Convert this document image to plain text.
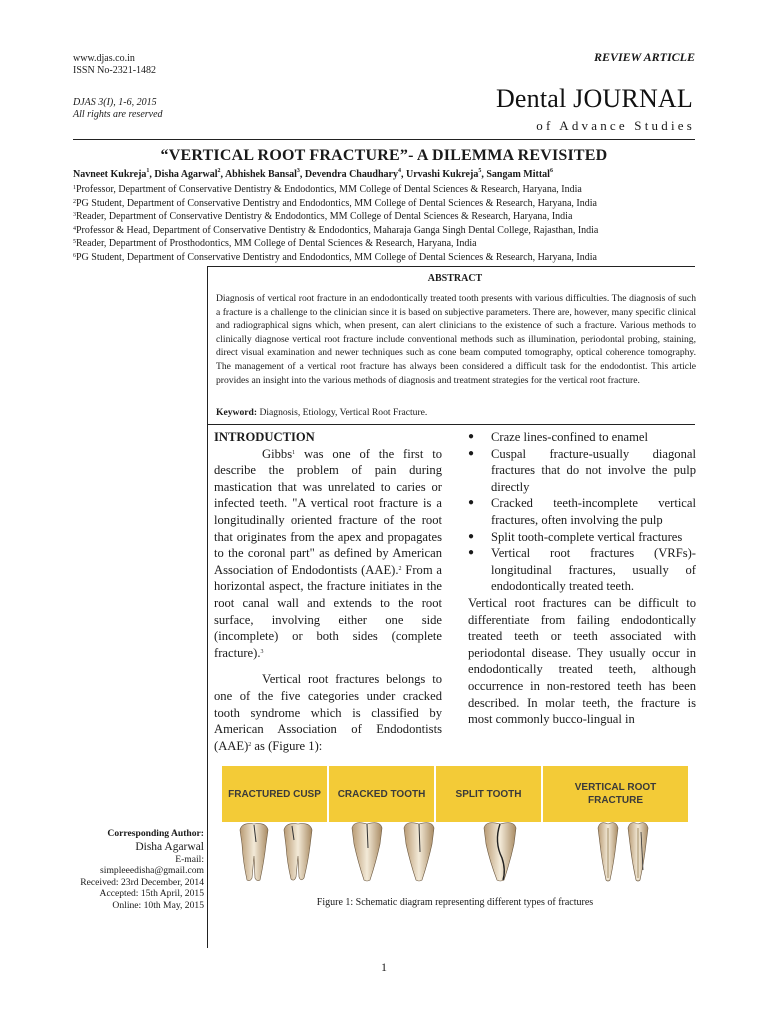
www.djas.co.in
ISSN No-2321-1482
DJAS 3(I), 1-6, 2015
All rights are reserved
REVIEW ARTICLE
Dental JOURNAL
of Advance Studies
“VERTICAL ROOT FRACTURE”- A DILEMMA REVISITED
Navneet Kukreja$^1$, Disha Agarwal$^2$, Abhishek Bansal$^3$, Devendra Chaudhary$^4$, Urvashi Kukreja$^5$, Sangam Mittal$^6$
$^1$Professor, Department of Conservative Dentistry & Endodontics, MM College of Dental Sciences & Research, Haryana, India
$^2$PG Student, Department of Conservative Dentistry and Endodontics, MM College of Dental Sciences & Research, Haryana, India
$^3$Reader, Department of Conservative Dentistry & Endodontics, MM College of Dental Sciences & Research, Haryana, India
$^4$Professor & Head, Department of Conservative Dentistry & Endodontics, Maharaja Ganga Singh Dental College, Rajasthan, India
$^5$Reader, Department of Prosthodontics, MM College of Dental Sciences & Research, Haryana, India
$^6$PG Student, Department of Conservative Dentistry and Endodontics, MM College of Dental Sciences & Research, Haryana, India
ABSTRACT
Diagnosis of vertical root fracture in an endodontically treated tooth presents with various difficulties. The diagnosis of such a fracture is a challenge to the clinician since it is based on subjective parameters. There are, however, many specific clinical and radiographical signs which, when present, can alert clinicians to the existence of such a fracture. Various methods to clinically diagnose vertical root fracture include conventional methods such as illumination, periodontal probing, staining, direct visual examination and newer techniques such as cone beam computed tomography, optical coherence tomography. The management of a vertical root fracture has always been considered a difficult task for the endodontist. This article provides an insight into the various methods of diagnosis and treatment strategies for the vertical root fracture.
Keyword: Diagnosis, Etiology, Vertical Root Fracture.
INTRODUCTION

Gibbs$^1$ was one of the first to describe the problem of pain during mastication that was unrelated to caries or infected teeth. "A vertical root fracture is a longitudinally oriented fracture of the root that originates from the apex and propagates to the coronal part" as defined by American Association of Endodontists (AAE).$^2$ From a horizontal aspect, the fracture initiates in the root canal wall and extends to the root surface, involving either one side (incomplete) or both sides (complete fracture).$^3$

Vertical root fractures belongs to one of the five categories under cracked tooth syndrome which is classified by American Association of Endodontists (AAE)$^2$ as (Figure 1):

● Craze lines-confined to enamel
● Cuspal fracture-usually diagonal fractures that do not involve the pulp directly
● Cracked teeth-incomplete vertical fractures, often involving the pulp
● Split tooth-complete vertical fractures
● Vertical root fractures (VRFs)-longitudinal fractures, usually of endodontically treated teeth.

Vertical root fractures can be difficult to differentiate from failing endodontically treated teeth or teeth associated with periodontal disease. They usually occur in endodontically treated teeth, although occurrence in non-restored teeth has been described. In molar teeth, the fracture is most commonly bucco-lingual in

FRACTURED CUSP	CRACKED TOOTH	SPLIT TOOTH
VERTICAL ROOT FRACTURE
Figure 1: Schematic diagram representing different types of fractures
Corresponding Author:
Disha Agarwal
E-mail:
simpleeedisha@gmail.com
Received: 23rd December, 2014
Accepted: 15th April, 2015
Online: 10th May, 2015
1
